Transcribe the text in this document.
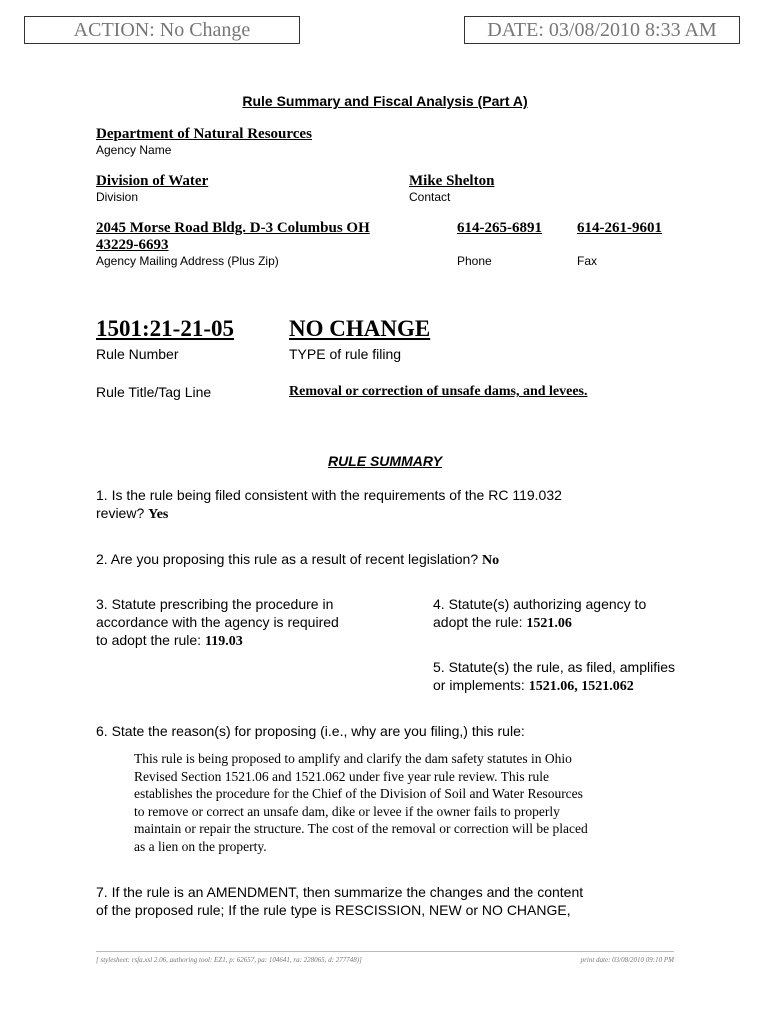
ACTION: No Change	DATE: 03/08/2010 8:33 AM
Rule Summary and Fiscal Analysis (Part A)
Department of Natural Resources
Agency Name
Division of Water
Division
Mike Shelton
Contact
2045 Morse Road Bldg. D-3 Columbus OH
43229-6693
Agency Mailing Address (Plus Zip)
614-265-6891
Phone
614-261-9601
Fax
1501:21-21-05
Rule Number
NO CHANGE
TYPE of rule filing
Rule Title/Tag Line	Removal or correction of unsafe dams, and levees.
RULE SUMMARY
1. Is the rule being filed consistent with the requirements of the RC 119.032
review? Yes
2. Are you proposing this rule as a result of recent legislation? No
3. Statute prescribing the procedure in
accordance with the agency is required
to adopt the rule: 119.03
4. Statute(s) authorizing agency to
adopt the rule: 1521.06
5. Statute(s) the rule, as filed, amplifies
or implements: 1521.06, 1521.062
6. State the reason(s) for proposing (i.e., why are you filing,) this rule:
This rule is being proposed to amplify and clarify the dam safety statutes in Ohio
Revised Section 1521.06 and 1521.062 under five year rule review. This rule
establishes the procedure for the Chief of the Division of Soil and Water Resources
to remove or correct an unsafe dam, dike or levee if the owner fails to properly
maintain or repair the structure. The cost of the removal or correction will be placed
as a lien on the property.
7. If the rule is an AMENDMENT, then summarize the changes and the content
of the proposed rule; If the rule type is RESCISSION, NEW or NO CHANGE,
[ stylesheet: rsfa.xsl 2.06, authoring tool: EZ1, p: 62657, pa: 104641, ra: 228065, d: 277748)]	print date: 03/08/2010 09:10 PM
